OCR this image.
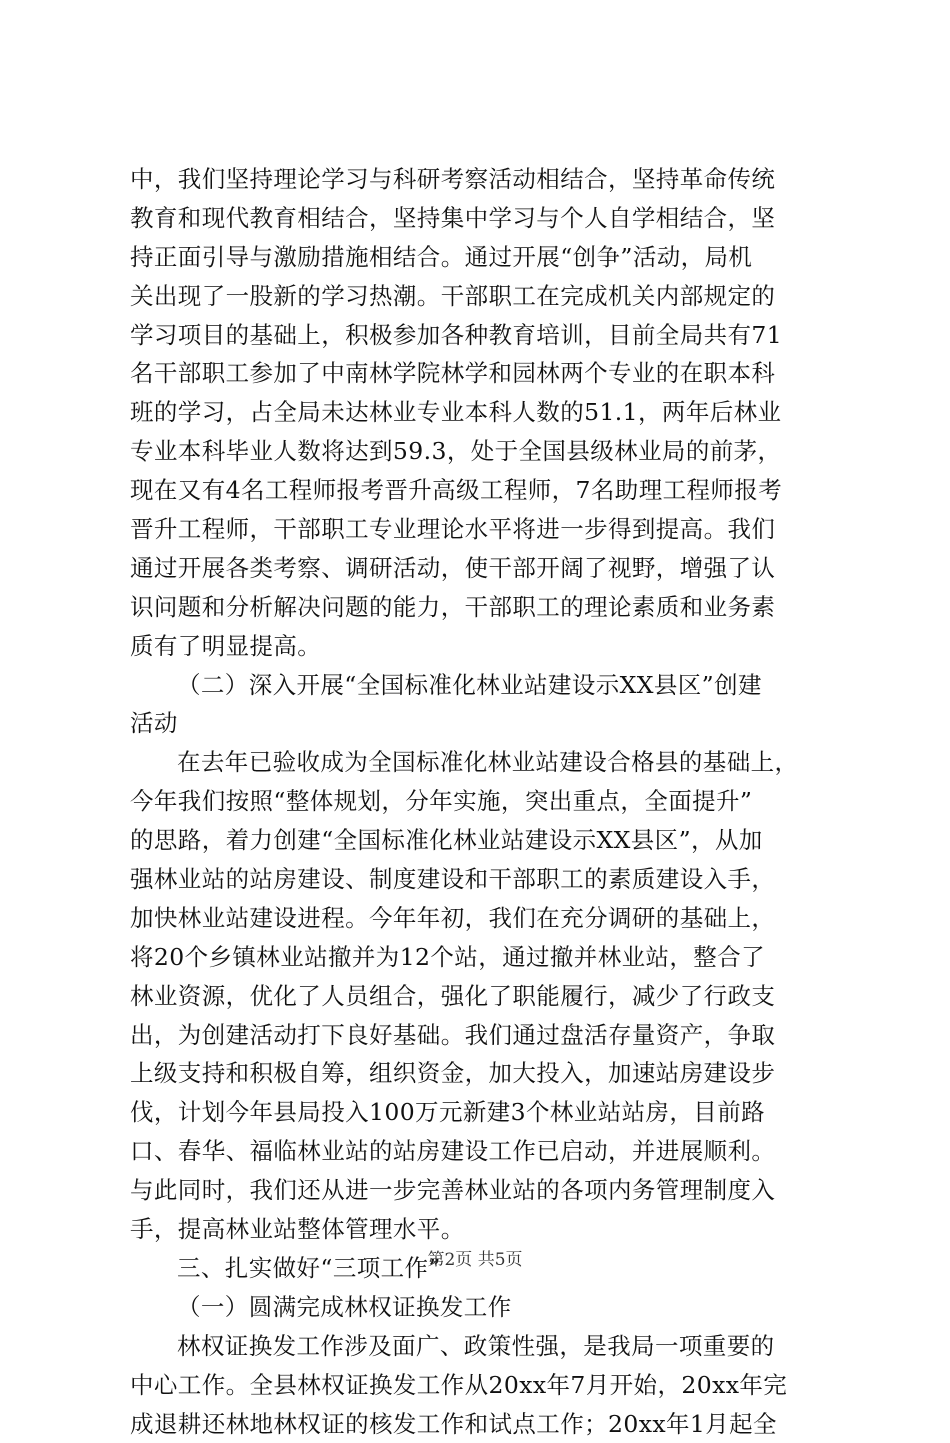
中，我们坚持理论学习与科研考察活动相结合，坚持革命传统
教育和现代教育相结合，坚持集中学习与个人自学相结合，坚
持正面引导与激励措施相结合。通过开展“创争”活动，局机
关出现了一股新的学习热潮。干部职工在完成机关内部规定的
学习项目的基础上，积极参加各种教育培训，目前全局共有71
名干部职工参加了中南林学院林学和园林两个专业的在职本科
班的学习，占全局未达林业专业本科人数的51.1，两年后林业
专业本科毕业人数将达到59.3，处于全国县级林业局的前茅，
现在又有4名工程师报考晋升高级工程师，7名助理工程师报考
晋升工程师，干部职工专业理论水平将进一步得到提高。我们
通过开展各类考察、调研活动，使干部开阔了视野，增强了认
识问题和分析解决问题的能力，干部职工的理论素质和业务素
质有了明显提高。
（二）深入开展“全国标准化林业站建设示XX县区”创建
活动
在去年已验收成为全国标准化林业站建设合格县的基础上，
今年我们按照“整体规划，分年实施，突出重点，全面提升”
的思路，着力创建“全国标准化林业站建设示XX县区”，从加
强林业站的站房建设、制度建设和干部职工的素质建设入手，
加快林业站建设进程。今年年初，我们在充分调研的基础上，
将20个乡镇林业站撤并为12个站，通过撤并林业站，整合了
林业资源，优化了人员组合，强化了职能履行，减少了行政支
出，为创建活动打下良好基础。我们通过盘活存量资产，争取
上级支持和积极自筹，组织资金，加大投入，加速站房建设步
伐，计划今年县局投入100万元新建3个林业站站房，目前路
口、春华、福临林业站的站房建设工作已启动，并进展顺利。
与此同时，我们还从进一步完善林业站的各项内务管理制度入
手，提高林业站整体管理水平。
三、扎实做好“三项工作”
（一）圆满完成林权证换发工作
林权证换发工作涉及面广、政策性强，是我局一项重要的
中心工作。全县林权证换发工作从20xx年7月开始，20xx年完
成退耕还林地林权证的核发工作和试点工作；20xx年1月起全
第2页 共5页
